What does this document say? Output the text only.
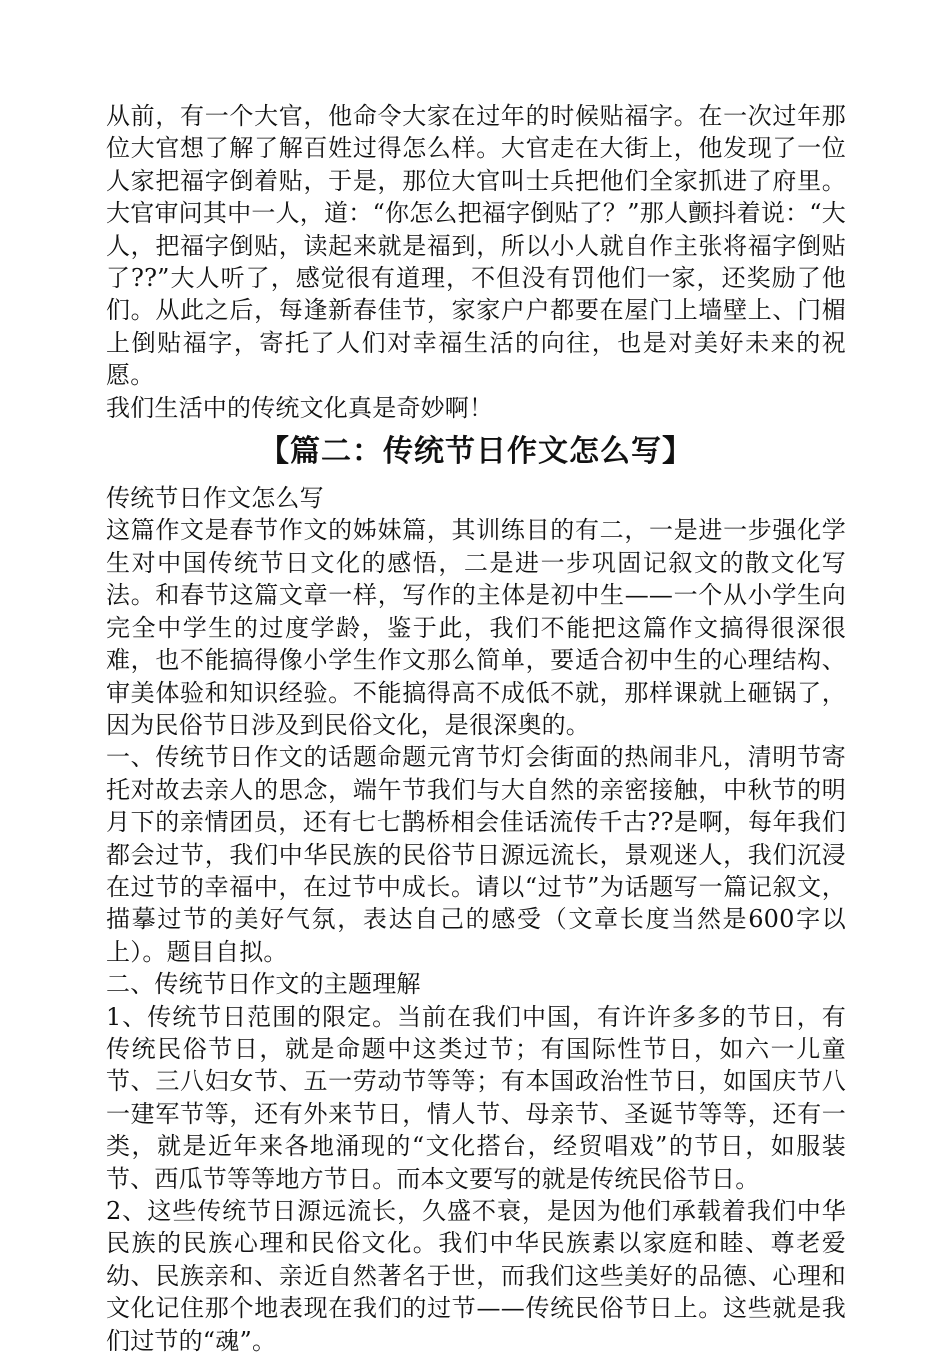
从前，有一个大官，他命令大家在过年的时候贴福字。在一次过年那位大官想了解了解百姓过得怎么样。大官走在大街上，他发现了一位人家把福字倒着贴，于是，那位大官叫士兵把他们全家抓进了府里。大官审问其中一人，道：“你怎么把福字倒贴了？”那人颤抖着说：“大人，把福字倒贴，读起来就是福到，所以小人就自作主张将福字倒贴了??”大人听了，感觉很有道理，不但没有罚他们一家，还奖励了他们。从此之后，每逢新春佳节，家家户户都要在屋门上墙壁上、门楣上倒贴福字，寄托了人们对幸福生活的向往，也是对美好未来的祝愿。

我们生活中的传统文化真是奇妙啊！

【篇二：传统节日作文怎么写】

传统节日作文怎么写

这篇作文是春节作文的姊妹篇，其训练目的有二，一是进一步强化学生对中国传统节日文化的感悟，二是进一步巩固记叙文的散文化写法。和春节这篇文章一样，写作的主体是初中生——一个从小学生向完全中学生的过度学龄，鉴于此，我们不能把这篇作文搞得很深很难，也不能搞得像小学生作文那么简单，要适合初中生的心理结构、审美体验和知识经验。不能搞得高不成低不就，那样课就上砸锅了，因为民俗节日涉及到民俗文化，是很深奥的。

一、传统节日作文的话题命题元宵节灯会街面的热闹非凡，清明节寄托对故去亲人的思念，端午节我们与大自然的亲密接触，中秋节的明月下的亲情团员，还有七七鹊桥相会佳话流传千古??是啊，每年我们都会过节，我们中华民族的民俗节日源远流长，景观迷人，我们沉浸在过节的幸福中，在过节中成长。请以“过节”为话题写一篇记叙文，描摹过节的美好气氛，表达自己的感受（文章长度当然是600字以上）。题目自拟。

二、传统节日作文的主题理解

1、传统节日范围的限定。当前在我们中国，有许许多多的节日，有传统民俗节日，就是命题中这类过节；有国际性节日，如六一儿童节、三八妇女节、五一劳动节等等；有本国政治性节日，如国庆节八一建军节等，还有外来节日，情人节、母亲节、圣诞节等等，还有一类，就是近年来各地涌现的“文化搭台，经贸唱戏”的节日，如服装节、西瓜节等等地方节日。而本文要写的就是传统民俗节日。

2、这些传统节日源远流长，久盛不衰，是因为他们承载着我们中华民族的民族心理和民俗文化。我们中华民族素以家庭和睦、尊老爱幼、民族亲和、亲近自然著名于世，而我们这些美好的品德、心理和文化记住那个地表现在我们的过节——传统民俗节日上。这些就是我们过节的“魂”。
